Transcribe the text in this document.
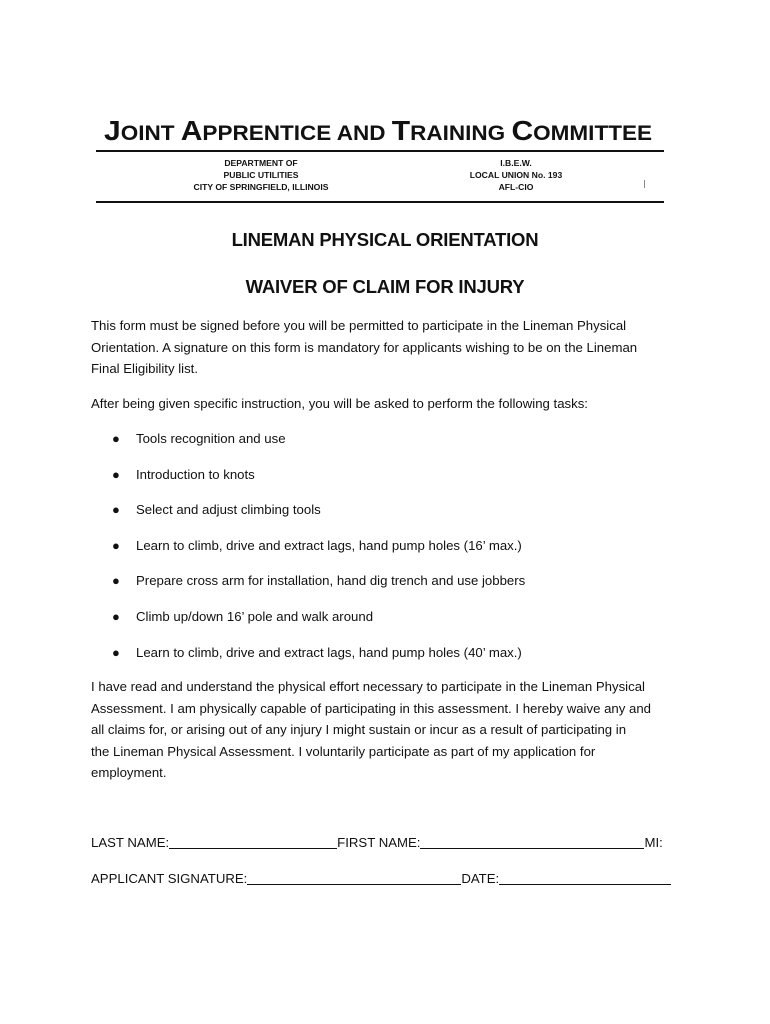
JOINT APPRENTICE AND TRAINING COMMITTEE
DEPARTMENT OF
PUBLIC UTILITIES
CITY OF SPRINGFIELD, ILLINOIS
I.B.E.W.
LOCAL UNION No. 193
AFL-CIO
LINEMAN PHYSICAL ORIENTATION
WAIVER OF CLAIM FOR INJURY
This form must be signed before you will be permitted to participate in the Lineman Physical
Orientation. A signature on this form is mandatory for applicants wishing to be on the Lineman
Final Eligibility list.
After being given specific instruction, you will be asked to perform the following tasks:
● Tools recognition and use
● Introduction to knots
● Select and adjust climbing tools
● Learn to climb, drive and extract lags, hand pump holes (16’ max.)
● Prepare cross arm for installation, hand dig trench and use jobbers
● Climb up/down 16’ pole and walk around
● Learn to climb, drive and extract lags, hand pump holes (40’ max.)
I have read and understand the physical effort necessary to participate in the Lineman Physical
Assessment. I am physically capable of participating in this assessment. I hereby waive any and
all claims for, or arising out of any injury I might sustain or incur as a result of participating in
the Lineman Physical Assessment. I voluntarily participate as part of my application for
employment.
LAST NAME:	FIRST NAME:	MI:
APPLICANT SIGNATURE:	DATE:
